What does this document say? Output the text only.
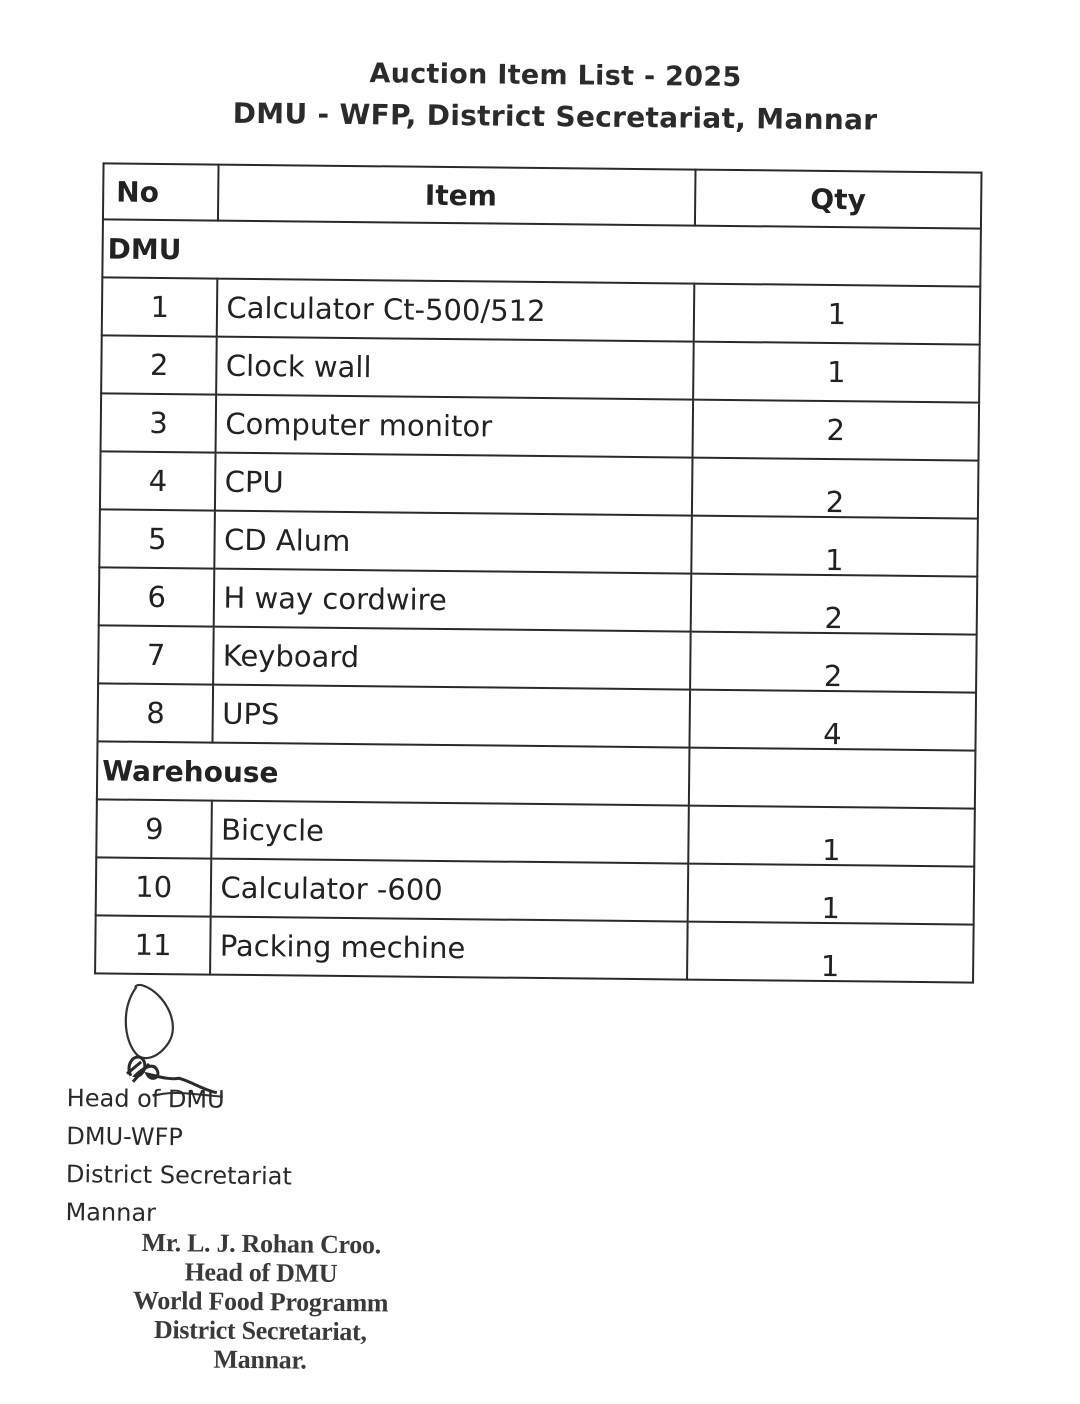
Auction Item List - 2025
DMU - WFP, District Secretariat, Mannar
No	Item	Qty
DMU		
1	Calculator Ct-500/512	1
2	Clock wall	1
3	Computer monitor	2
4	CPU	2
5	CD Alum	1
6	H way cordwire	2
7	Keyboard	2
8	UPS	4
Warehouse		
9	Bicycle	1
10	Calculator -600	1
11	Packing mechine	1
Head of DMU
DMU-WFP
District Secretariat
Mannar
Mr. L. J. Rohan Croo.
Head of DMU
World Food Programm
District Secretariat,
Mannar.
